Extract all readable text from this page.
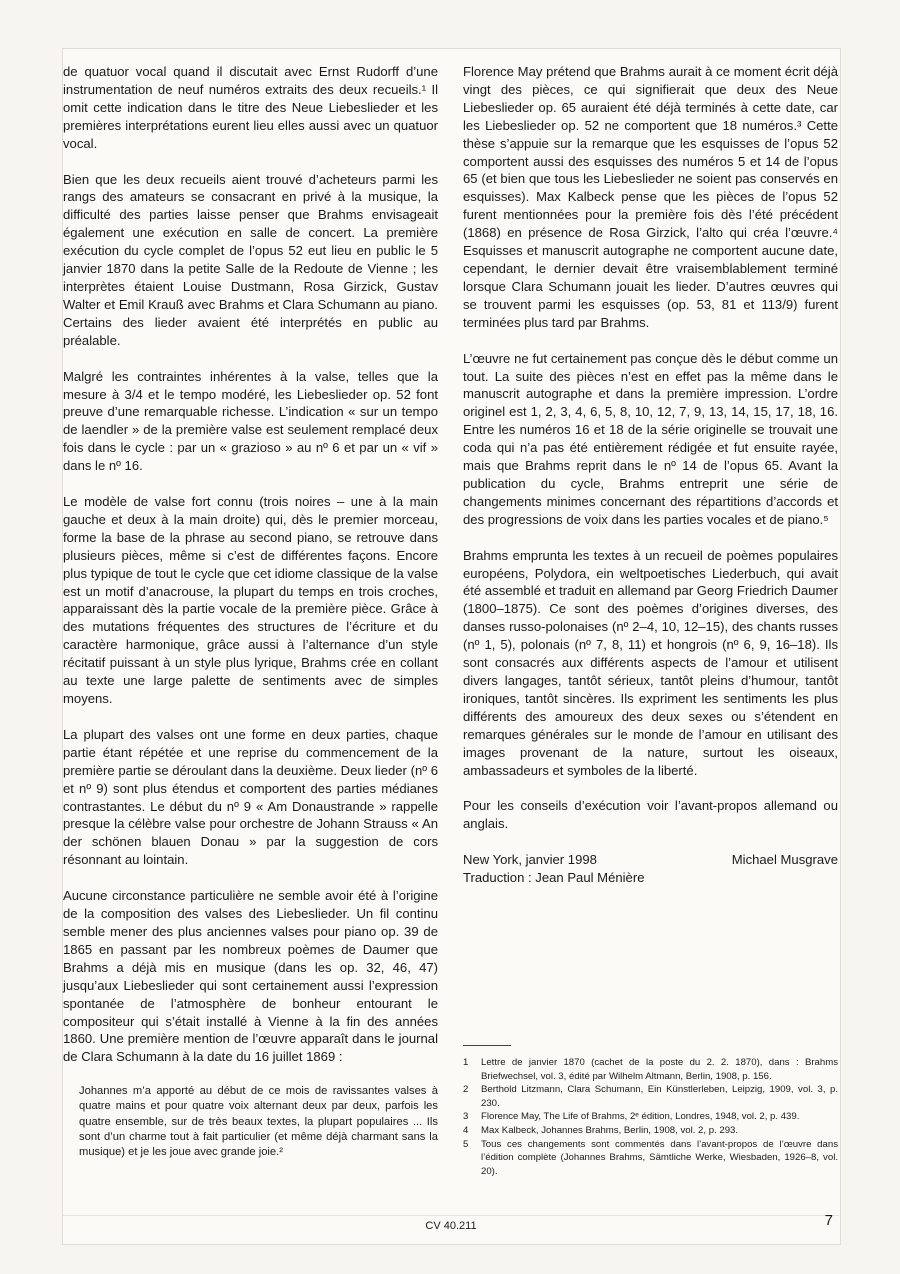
de quatuor vocal quand il discutait avec Ernst Rudorff d’une instrumentation de neuf numéros extraits des deux recueils.¹ Il omit cette indication dans le titre des Neue Liebeslieder et les premières interprétations eurent lieu elles aussi avec un quatuor vocal.

Bien que les deux recueils aient trouvé d’acheteurs parmi les rangs des amateurs se consacrant en privé à la musique, la difficulté des parties laisse penser que Brahms envisageait également une exécution en salle de concert. La première exécution du cycle complet de l’opus 52 eut lieu en public le 5 janvier 1870 dans la petite Salle de la Redoute de Vienne ; les interprètes étaient Louise Dustmann, Rosa Girzick, Gustav Walter et Emil Krauß avec Brahms et Clara Schumann au piano. Certains des lieder avaient été interprétés en public au préalable.

Malgré les contraintes inhérentes à la valse, telles que la mesure à 3/4 et le tempo modéré, les Liebeslieder op. 52 font preuve d’une remarquable richesse. L’indication « sur un tempo de laendler » de la première valse est seulement remplacé deux fois dans le cycle : par un « grazioso » au nº 6 et par un « vif » dans le nº 16.

Le modèle de valse fort connu (trois noires – une à la main gauche et deux à la main droite) qui, dès le premier morceau, forme la base de la phrase au second piano, se retrouve dans plusieurs pièces, même si c’est de différentes façons. Encore plus typique de tout le cycle que cet idiome classique de la valse est un motif d’anacrouse, la plupart du temps en trois croches, apparaissant dès la partie vocale de la première pièce. Grâce à des mutations fréquentes des structures de l’écriture et du caractère harmonique, grâce aussi à l’alternance d’un style récitatif puissant à un style plus lyrique, Brahms crée en collant au texte une large palette de sentiments avec de simples moyens.

La plupart des valses ont une forme en deux parties, chaque partie étant répétée et une reprise du commencement de la première partie se déroulant dans la deuxième. Deux lieder (nº 6 et nº 9) sont plus étendus et comportent des parties médianes contrastantes. Le début du nº 9 « Am Donaustrande » rappelle presque la célèbre valse pour orchestre de Johann Strauss « An der schönen blauen Donau » par la suggestion de cors résonnant au lointain.

Aucune circonstance particulière ne semble avoir été à l’origine de la composition des valses des Liebeslieder. Un fil continu semble mener des plus anciennes valses pour piano op. 39 de 1865 en passant par les nombreux poèmes de Daumer que Brahms a déjà mis en musique (dans les op. 32, 46, 47) jusqu’aux Liebeslieder qui sont certainement aussi l’expression spontanée de l’atmosphère de bonheur entourant le compositeur qui s’était installé à Vienne à la fin des années 1860. Une première mention de l’œuvre apparaît dans le journal de Clara Schumann à la date du 16 juillet 1869 :

Johannes m’a apporté au début de ce mois de ravissantes valses à quatre mains et pour quatre voix alternant deux par deux, parfois les quatre ensemble, sur de très beaux textes, la plupart populaires ... Ils sont d’un charme tout à fait particulier (et même déjà charmant sans la musique) et je les joue avec grande joie.²

Florence May prétend que Brahms aurait à ce moment écrit déjà vingt des pièces, ce qui signifierait que deux des Neue Liebeslieder op. 65 auraient été déjà terminés à cette date, car les Liebeslieder op. 52 ne comportent que 18 numéros.³ Cette thèse s’appuie sur la remarque que les esquisses de l’opus 52 comportent aussi des esquisses des numéros 5 et 14 de l’opus 65 (et bien que tous les Liebeslieder ne soient pas conservés en esquisses). Max Kalbeck pense que les pièces de l’opus 52 furent mentionnées pour la première fois dès l’été précédent (1868) en présence de Rosa Girzick, l’alto qui créa l’œuvre.⁴ Esquisses et manuscrit autographe ne comportent aucune date, cependant, le dernier devait être vraisemblablement terminé lorsque Clara Schumann jouait les lieder. D’autres œuvres qui se trouvent parmi les esquisses (op. 53, 81 et 113/9) furent terminées plus tard par Brahms.

L’œuvre ne fut certainement pas conçue dès le début comme un tout. La suite des pièces n’est en effet pas la même dans le manuscrit autographe et dans la première impression. L’ordre originel est 1, 2, 3, 4, 6, 5, 8, 10, 12, 7, 9, 13, 14, 15, 17, 18, 16. Entre les numéros 16 et 18 de la série originelle se trouvait une coda qui n’a pas été entièrement rédigée et fut ensuite rayée, mais que Brahms reprit dans le nº 14 de l’opus 65. Avant la publication du cycle, Brahms entreprit une série de changements minimes concernant des répartitions d’accords et des progressions de voix dans les parties vocales et de piano.⁵

Brahms emprunta les textes à un recueil de poèmes populaires européens, Polydora, ein weltpoetisches Liederbuch, qui avait été assemblé et traduit en allemand par Georg Friedrich Daumer (1800–1875). Ce sont des poèmes d’origines diverses, des danses russo-polonaises (nº 2–4, 10, 12–15), des chants russes (nº 1, 5), polonais (nº 7, 8, 11) et hongrois (nº 6, 9, 16–18). Ils sont consacrés aux différents aspects de l’amour et utilisent divers langages, tantôt sérieux, tantôt pleins d’humour, tantôt ironiques, tantôt sincères. Ils expriment les sentiments les plus différents des amoureux des deux sexes ou s’étendent en remarques générales sur le monde de l’amour en utilisant des images provenant de la nature, surtout les oiseaux, ambassadeurs et symboles de la liberté.

Pour les conseils d’exécution voir l’avant-propos allemand ou anglais.

New York, janvier 1998	Michael Musgrave
Traduction : Jean Paul Ménière
1	Lettre de janvier 1870 (cachet de la poste du 2. 2. 1870), dans : Brahms Briefwechsel, vol. 3, édité par Wilhelm Altmann, Berlin, 1908, p. 156.
2	Berthold Litzmann, Clara Schumann, Ein Künstlerleben, Leipzig, 1909, vol. 3, p. 230.
3	Florence May, The Life of Brahms, 2ᵉ édition, Londres, 1948, vol. 2, p. 439.
4	Max Kalbeck, Johannes Brahms, Berlin, 1908, vol. 2, p. 293.
5	Tous ces changements sont commentés dans l’avant-propos de l’œuvre dans l’édition complète (Johannes Brahms, Sämtliche Werke, Wiesbaden, 1926–8, vol. 20).
CV 40.211	7
